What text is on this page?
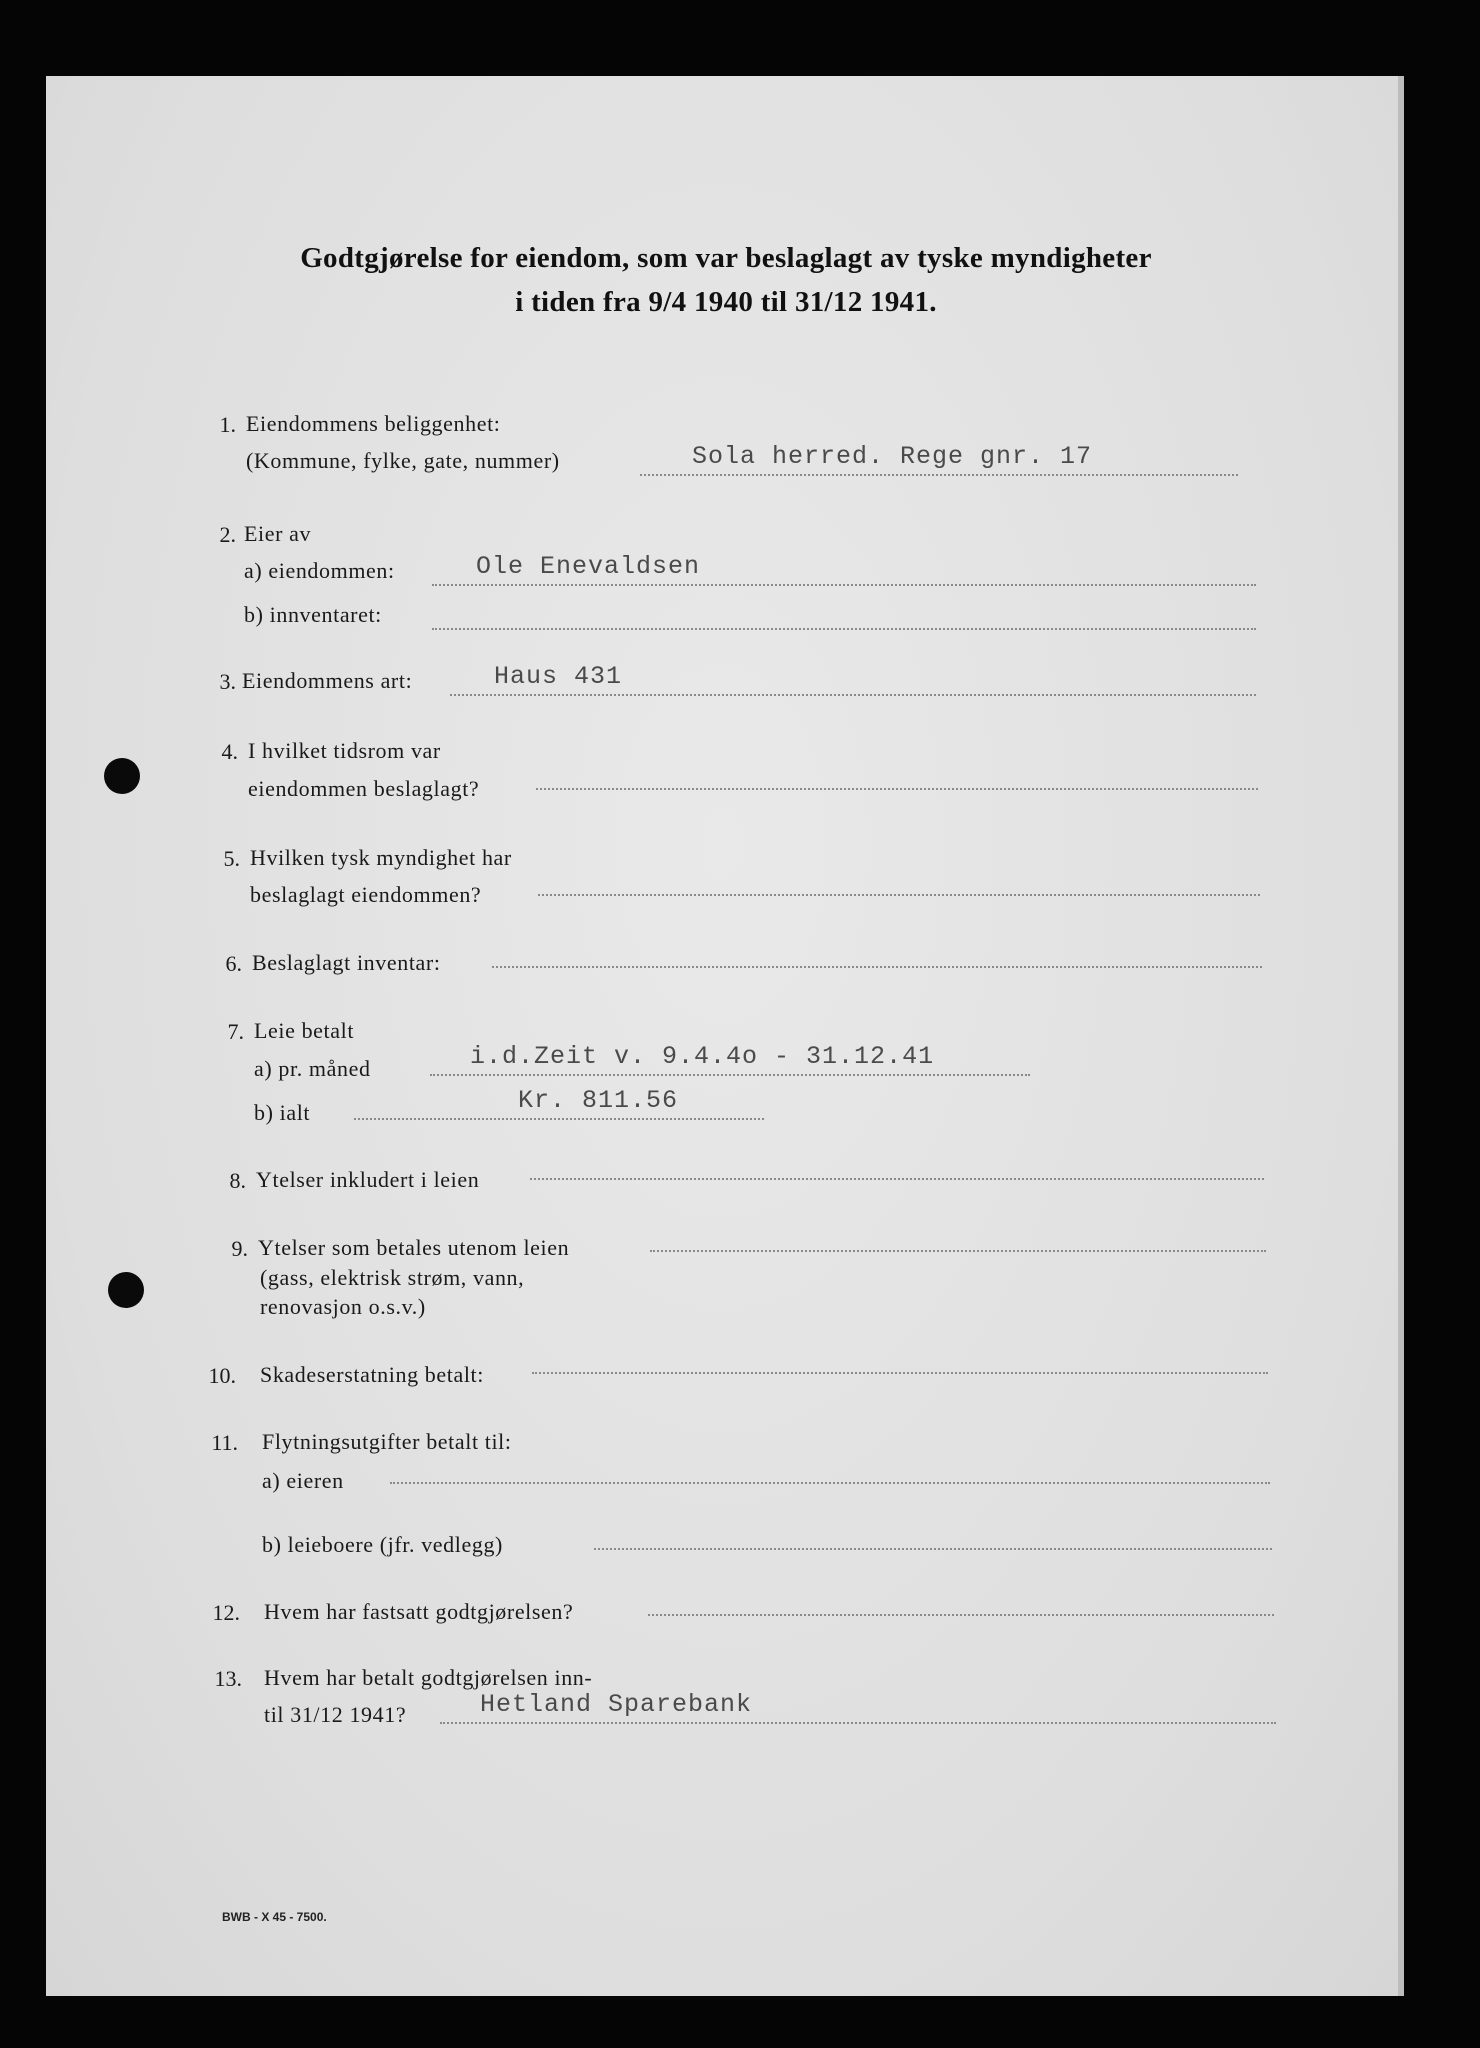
Godtgjørelse for eiendom, som var beslaglagt av tyske myndigheter
i tiden fra 9/4 1940 til 31/12 1941.
1. Eiendommens beliggenhet:
(Kommune, fylke, gate, nummer)	Sola herred. Rege gnr. 17
2. Eier av
a) eiendommen:	Ole Enevaldsen
b) innventaret:
3. Eiendommens art:	Haus 431
4. I hvilket tidsrom var
eiendommen beslaglagt?
5. Hvilken tysk myndighet har
beslaglagt eiendommen?
6. Beslaglagt inventar:
7. Leie betalt
a) pr. måned	i.d.Zeit v. 9.4.4o - 31.12.41
b) ialt	Kr. 811.56
8. Ytelser inkludert i leien
9. Ytelser som betales utenom leien
(gass, elektrisk strøm, vann,
renovasjon o.s.v.)
10. Skadeserstatning betalt:
11. Flytningsutgifter betalt til:
a) eieren
b) leieboere (jfr. vedlegg)
12. Hvem har fastsatt godtgjørelsen?
13. Hvem har betalt godtgjørelsen inn-
til 31/12 1941?	Hetland Sparebank
BWB - X 45 - 7500.
